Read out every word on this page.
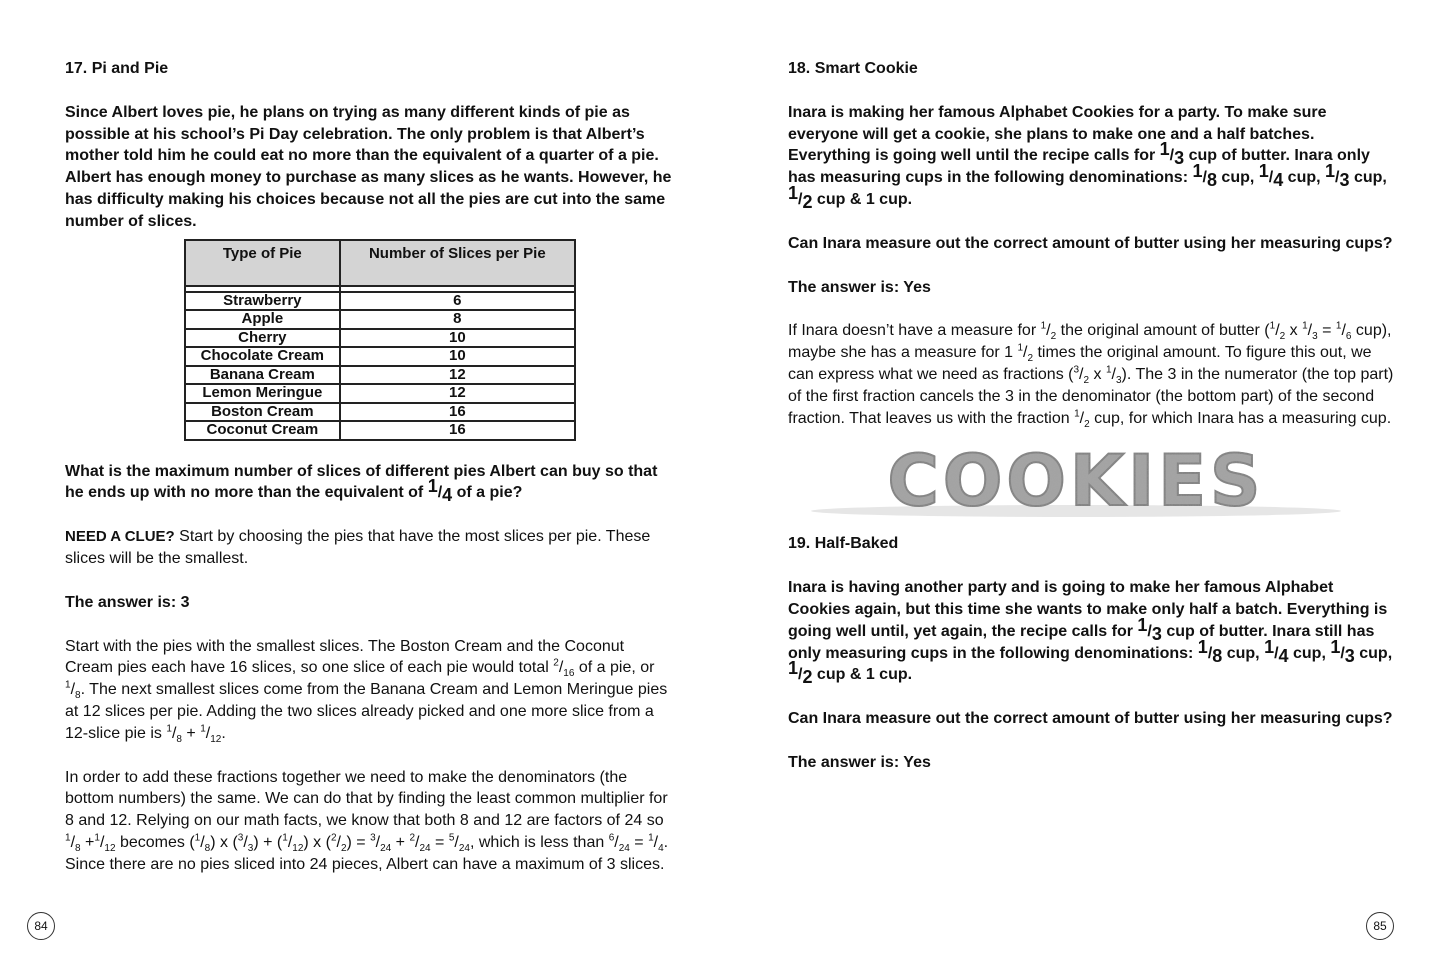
17. Pi and Pie

Since Albert loves pie, he plans on trying as many different kinds of pie as possible at his school’s Pi Day celebration. The only problem is that Albert’s mother told him he could eat no more than the equivalent of a quarter of a pie. Albert has enough money to purchase as many slices as he wants. However, he has difficulty making his choices because not all the pies are cut into the same number of slices.

Type of Pie	Number of Slices per Pie

Strawberry	6
Apple	8
Cherry	10
Chocolate Cream	10
Banana Cream	12
Lemon Meringue	12
Boston Cream	16
Coconut Cream	16

What is the maximum number of slices of different pies Albert can buy so that he ends up with no more than the equivalent of $^1/_4$ of a pie?

NEED A CLUE? Start by choosing the pies that have the most slices per pie. These slices will be the smallest.

The answer is: 3

Start with the pies with the smallest slices. The Boston Cream and the Coconut Cream pies each have 16 slices, so one slice of each pie would total $^2/_{16}$ of a pie, or $^1/_8$. The next smallest slices come from the Banana Cream and Lemon Meringue pies at 12 slices per pie. Adding the two slices already picked and one more slice from a 12-slice pie is $^1/_8 + ^1/_{12}$.

In order to add these fractions together we need to make the denominators (the bottom numbers) the same. We can do that by finding the least common multiplier for 8 and 12. Relying on our math facts, we know that both 8 and 12 are factors of 24 so $^1/_8 +^1/_{12}$ becomes $(^1/_8)$ x $(^3/_3) + (^1/_{12})$ x $(^2/_2) = ^3/_{24} + ^2/_{24} = ^5/_{24}$, which is less than $^6/_{24} = ^1/_4$. Since there are no pies sliced into 24 pieces, Albert can have a maximum of 3 slices.

84

18. Smart Cookie

Inara is making her famous Alphabet Cookies for a party. To make sure everyone will get a cookie, she plans to make one and a half batches. Everything is going well until the recipe calls for $^1/_3$ cup of butter. Inara only has measuring cups in the following denominations: $^1/_8$ cup, $^1/_4$ cup, $^1/_3$ cup, $^1/_2$ cup & 1 cup.

Can Inara measure out the correct amount of butter using her measuring cups?

The answer is: Yes

If Inara doesn’t have a measure for $^1/_2$ the original amount of butter ($^1/_2$ x $^1/_3 = ^1/_6$ cup), maybe she has a measure for 1 $^1/_2$ times the original amount. To figure this out, we can express what we need as fractions ($^3/_2$ x $^1/_3$). The 3 in the numerator (the top part) of the first fraction cancels the 3 in the denominator (the bottom part) of the second fraction. That leaves us with the fraction $^1/_2$ cup, for which Inara has a measuring cup.

COOKIES

19. Half-Baked

Inara is having another party and is going to make her famous Alphabet Cookies again, but this time she wants to make only half a batch. Everything is going well until, yet again, the recipe calls for $^1/_3$ cup of butter. Inara still has only measuring cups in the following denominations: $^1/_8$ cup, $^1/_4$ cup, $^1/_3$ cup, $^1/_2$ cup & 1 cup.

Can Inara measure out the correct amount of butter using her measuring cups?

The answer is: Yes

85
